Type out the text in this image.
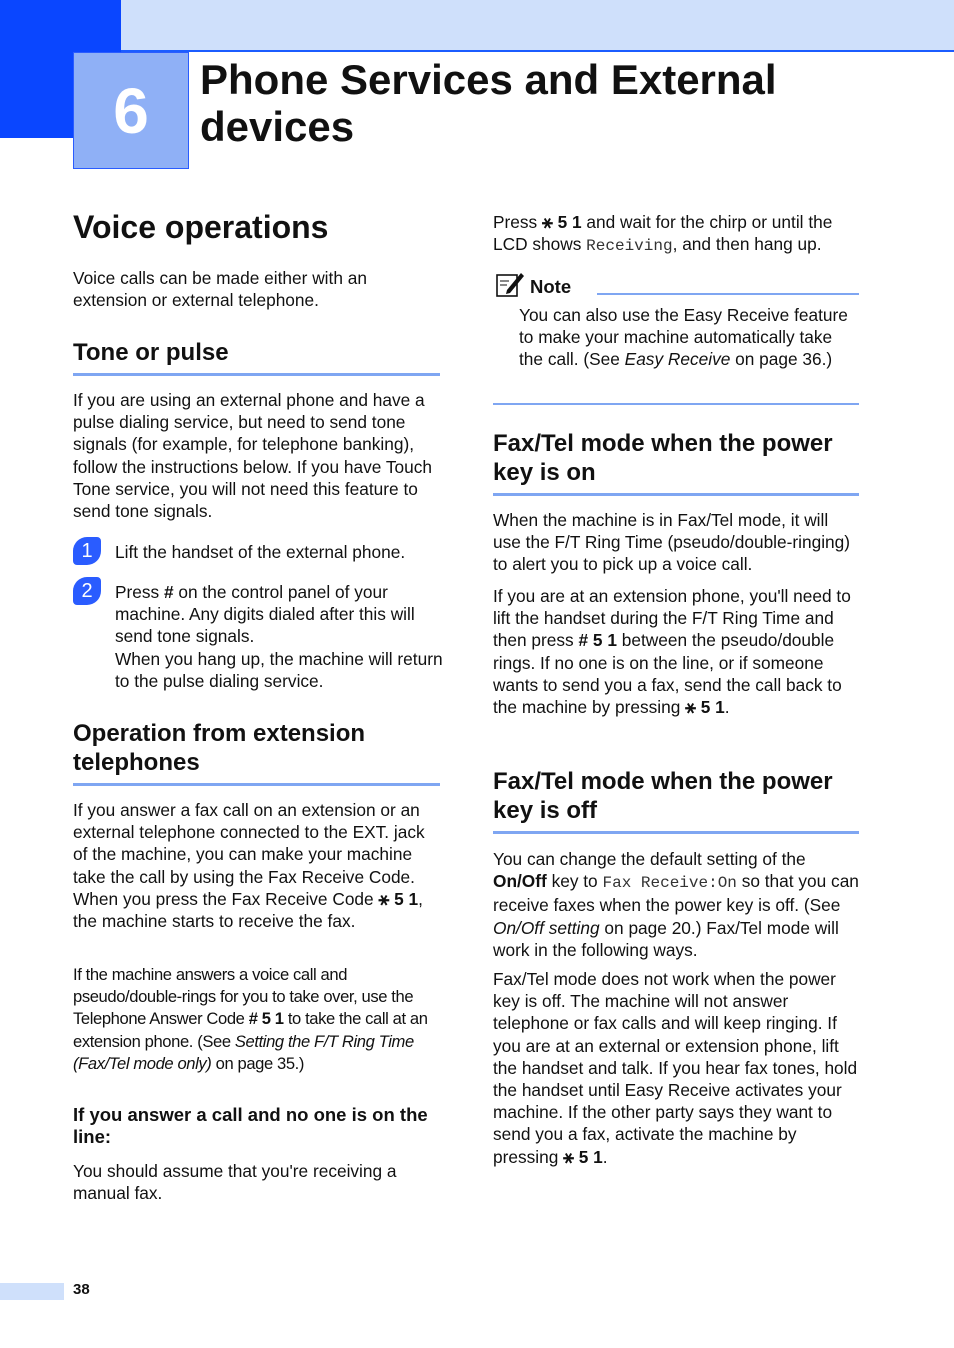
6 Phone Services and External devices
Voice operations

Voice calls can be made either with an extension or external telephone.

Tone or pulse

If you are using an external phone and have a pulse dialing service, but need to send tone signals (for example, for telephone banking), follow the instructions below. If you have Touch Tone service, you will not need this feature to send tone signals.

1	Lift the handset of the external phone.

2	Press # on the control panel of your machine. Any digits dialed after this will send tone signals.
When you hang up, the machine will return to the pulse dialing service.

Operation from extension telephones

If you answer a fax call on an extension or an external telephone connected to the EXT. jack of the machine, you can make your machine take the call by using the Fax Receive Code. When you press the Fax Receive Code ⚹ 5 1, the machine starts to receive the fax.

If the machine answers a voice call and pseudo/double-rings for you to take over, use the Telephone Answer Code # 5 1 to take the call at an extension phone. (See Setting the F/T Ring Time (Fax/Tel mode only) on page 35.)

If you answer a call and no one is on the line:

You should assume that you're receiving a manual fax.

Press ⚹ 5 1 and wait for the chirp or until the LCD shows Receiving, and then hang up.

Note

You can also use the Easy Receive feature to make your machine automatically take the call. (See Easy Receive on page 36.)

Fax/Tel mode when the power key is on

When the machine is in Fax/Tel mode, it will use the F/T Ring Time (pseudo/double-ringing) to alert you to pick up a voice call.

If you are at an extension phone, you'll need to lift the handset during the F/T Ring Time and then press # 5 1 between the pseudo/double rings. If no one is on the line, or if someone wants to send you a fax, send the call back to the machine by pressing ⚹ 5 1.

Fax/Tel mode when the power key is off

You can change the default setting of the On/Off key to Fax Receive:On so that you can receive faxes when the power key is off. (See On/Off setting on page 20.) Fax/Tel mode will work in the following ways.

Fax/Tel mode does not work when the power key is off. The machine will not answer telephone or fax calls and will keep ringing. If you are at an external or extension phone, lift the handset and talk. If you hear fax tones, hold the handset until Easy Receive activates your machine. If the other party says they want to send you a fax, activate the machine by pressing ⚹ 5 1.

38
